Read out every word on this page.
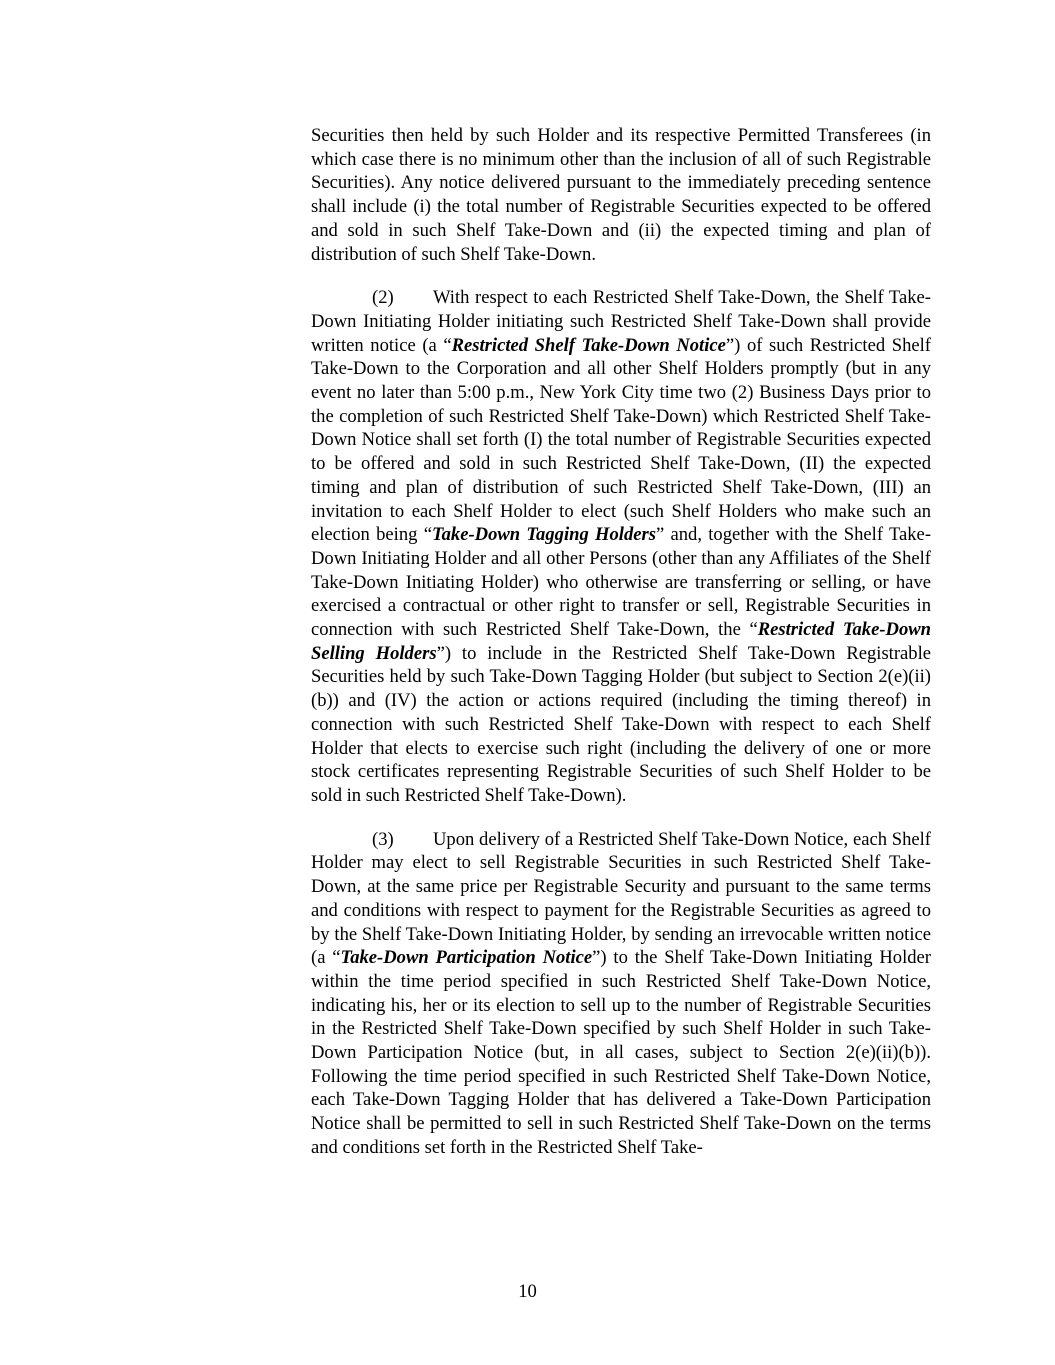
Securities then held by such Holder and its respective Permitted Transferees (in which case there is no minimum other than the inclusion of all of such Registrable Securities). Any notice delivered pursuant to the immediately preceding sentence shall include (i) the total number of Registrable Securities expected to be offered and sold in such Shelf Take-Down and (ii) the expected timing and plan of distribution of such Shelf Take-Down.

(2) With respect to each Restricted Shelf Take-Down, the Shelf Take-Down Initiating Holder initiating such Restricted Shelf Take-Down shall provide written notice (a “Restricted Shelf Take-Down Notice”) of such Restricted Shelf Take-Down to the Corporation and all other Shelf Holders promptly (but in any event no later than 5:00 p.m., New York City time two (2) Business Days prior to the completion of such Restricted Shelf Take-Down) which Restricted Shelf Take-Down Notice shall set forth (I) the total number of Registrable Securities expected to be offered and sold in such Restricted Shelf Take-Down, (II) the expected timing and plan of distribution of such Restricted Shelf Take-Down, (III) an invitation to each Shelf Holder to elect (such Shelf Holders who make such an election being “Take-Down Tagging Holders” and, together with the Shelf Take-Down Initiating Holder and all other Persons (other than any Affiliates of the Shelf Take-Down Initiating Holder) who otherwise are transferring or selling, or have exercised a contractual or other right to transfer or sell, Registrable Securities in connection with such Restricted Shelf Take-Down, the “Restricted Take-Down Selling Holders”) to include in the Restricted Shelf Take-Down Registrable Securities held by such Take-Down Tagging Holder (but subject to Section 2(e)(ii)(b)) and (IV) the action or actions required (including the timing thereof) in connection with such Restricted Shelf Take-Down with respect to each Shelf Holder that elects to exercise such right (including the delivery of one or more stock certificates representing Registrable Securities of such Shelf Holder to be sold in such Restricted Shelf Take-Down).

(3) Upon delivery of a Restricted Shelf Take-Down Notice, each Shelf Holder may elect to sell Registrable Securities in such Restricted Shelf Take-Down, at the same price per Registrable Security and pursuant to the same terms and conditions with respect to payment for the Registrable Securities as agreed to by the Shelf Take-Down Initiating Holder, by sending an irrevocable written notice (a “Take-Down Participation Notice”) to the Shelf Take-Down Initiating Holder within the time period specified in such Restricted Shelf Take-Down Notice, indicating his, her or its election to sell up to the number of Registrable Securities in the Restricted Shelf Take-Down specified by such Shelf Holder in such Take-Down Participation Notice (but, in all cases, subject to Section 2(e)(ii)(b)). Following the time period specified in such Restricted Shelf Take-Down Notice, each Take-Down Tagging Holder that has delivered a Take-Down Participation Notice shall be permitted to sell in such Restricted Shelf Take-Down on the terms and conditions set forth in the Restricted Shelf Take-

10
